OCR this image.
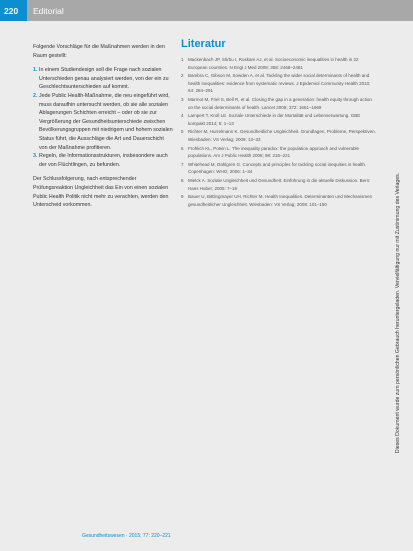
220 Editorial

Folgende Vorschläge für die Maßnahmen werden in den Raum gestellt:

1. In einem Studiendesign soll die Frage nach sozialen Unterschieden genau analysiert werden, von der ein zu Geschlechtsunterschieden auf kommt.
2. Jede Public Health-Maßnahme, die neu eingeführt wird, muss daraufhin untersucht werden, ob sie alle sozialen Ablagerungen Schichten erreicht – oder ob sie zur Vergrößerung der Gesundheitsunterschiede zwischen Bevölkerungsgruppen mit niedrigem und hohem sozialen Status führt, die Ausschläge die Art und Dauerschicht von der Maßnahme profitieren.
3. Regeln, die Informationsstrukturen, insbesondere auch der von Flüchtlingen, zu befunden.

Der Schlussfolgerung, nach entsprechender Prüfungsreaktion Ungleichheit das Ein von einen sozialen Public Health Politik nicht mehr zu verachten, werden den Unterscheid vorkommen.

Literatur
1 Mackenbach JP, Stirbu I, Roskam AJ, et al. Socioeconomic inequalities in health in 22 European countries. N Engl J Med 2008; 358: 2468–2481
2 Bambra C, Gibson M, Sowden A, et al. Tackling the wider social determinants of health and health inequalities: evidence from systematic reviews. J Epidemiol Community Health 2010; 64: 284–291
3 Marmot M, Friel S, Bell R, et al. Closing the gap in a generation: health equity through action on the social determinants of health. Lancet 2008; 372: 1661–1669
4 Lampert T, Kroll LE. Soziale Unterschiede in der Mortalität und Lebenserwartung. GBE kompakt 2014; 5: 1–13
5 Richter M, Hurrelmann K. Gesundheitliche Ungleichheit. Grundlagen, Probleme, Perspektiven. Wiesbaden: VS Verlag; 2009: 13–33
6 Frohlich KL, Potvin L. The inequality paradox: the population approach and vulnerable populations. Am J Public Health 2008; 98: 216–221
7 Whitehead M, Dahlgren G. Concepts and principles for tackling social inequities in health. Copenhagen: WHO; 2006: 1–34
8 Mielck A. Soziale Ungleichheit und Gesundheit: Einführung in die aktuelle Diskussion. Bern: Hans Huber; 2005: 7–19
9 Bauer U, Bittlingmayer UH, Richter M. Health Inequalities. Determinanten und Mechanismen gesundheitlicher Ungleichheit. Wiesbaden: VS Verlag; 2008: 101–150	Dieses Dokument wurde zum persönlichen Gebrauch heruntergeladen. Vervielfältigung nur mit Zustimmung des Verlages.
Gesundheitswesen · 2015; 77: 220–221
